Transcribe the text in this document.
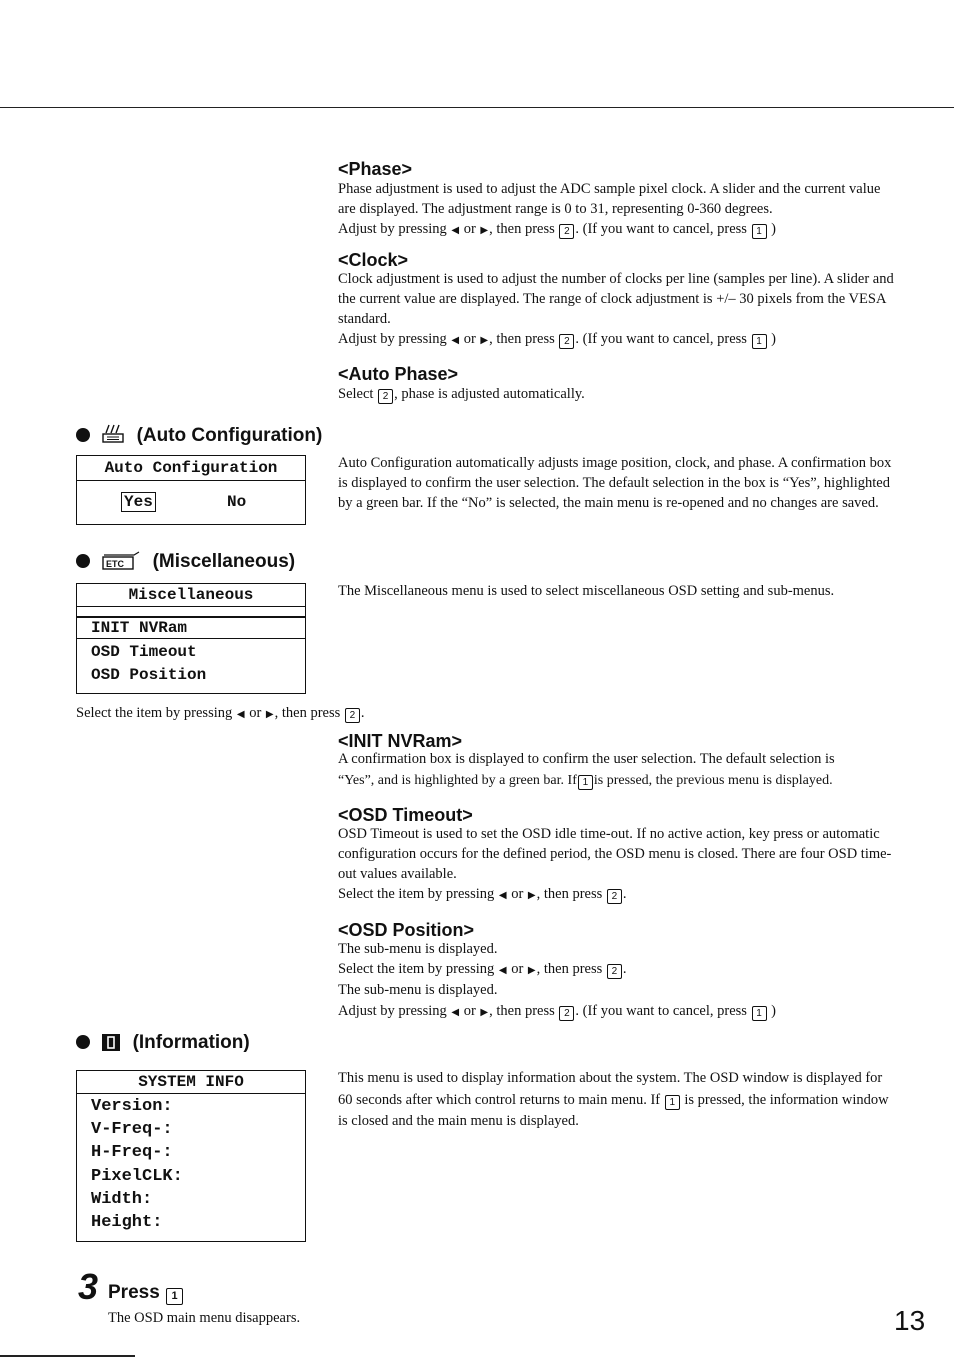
<Phase>
Phase adjustment is used to adjust the ADC sample pixel clock. A slider and the current value are displayed. The adjustment range is 0 to 31, representing 0-360 degrees.
Adjust by pressing ◀ or ▶, then press 2 . (If you want to cancel, press 1 )
<Clock>
Clock adjustment is used to adjust the number of clocks per line (samples per line). A slider and the current value are displayed. The range of clock adjustment is +/– 30 pixels from the VESA standard.
Adjust by pressing ◀ or ▶, then press 2 . (If you want to cancel, press 1 )
<Auto Phase>
Select 2 , phase is adjusted automatically.
(Auto Configuration)
Auto Configuration
Yes	No
Auto Configuration automatically adjusts image position, clock, and phase. A confirmation box is displayed to confirm the user selection. The default selection in the box is “Yes”, highlighted by a green bar. If the “No” is selected, the main menu is re-opened and no changes are saved.

ETC (Miscellaneous)
Miscellaneous
INIT NVRam
OSD Timeout
OSD Position
The Miscellaneous menu is used to select miscellaneous OSD setting and sub-menus.
Select the item by pressing ◀ or ▶, then press 2 .
<INIT NVRam>
A confirmation box is displayed to confirm the user selection. The default selection is
“Yes”, and is highlighted by a green bar. If 1 is pressed, the previous menu is displayed.
<OSD Timeout>
OSD Timeout is used to set the OSD idle time-out. If no active action, key press or automatic configuration occurs for the defined period, the OSD menu is closed. There are four OSD time-out values available.
Select the item by pressing ◀ or ▶, then press 2 .
<OSD Position>
The sub-menu is displayed.
Select the item by pressing ◀ or ▶, then press 2 .
The sub-menu is displayed.
Adjust by pressing ◀ or ▶, then press 2 . (If you want to cancel, press 1 )
(Information)
SYSTEM INFO
Version:
V-Freq-:
H-Freq-:
PixelCLK:
Width:
Height:
This menu is used to display information about the system. The OSD window is displayed for 60 seconds after which control returns to main menu. If 1 is pressed, the information window is closed and the main menu is displayed.
3 Press 1
The OSD main menu disappears.	13
